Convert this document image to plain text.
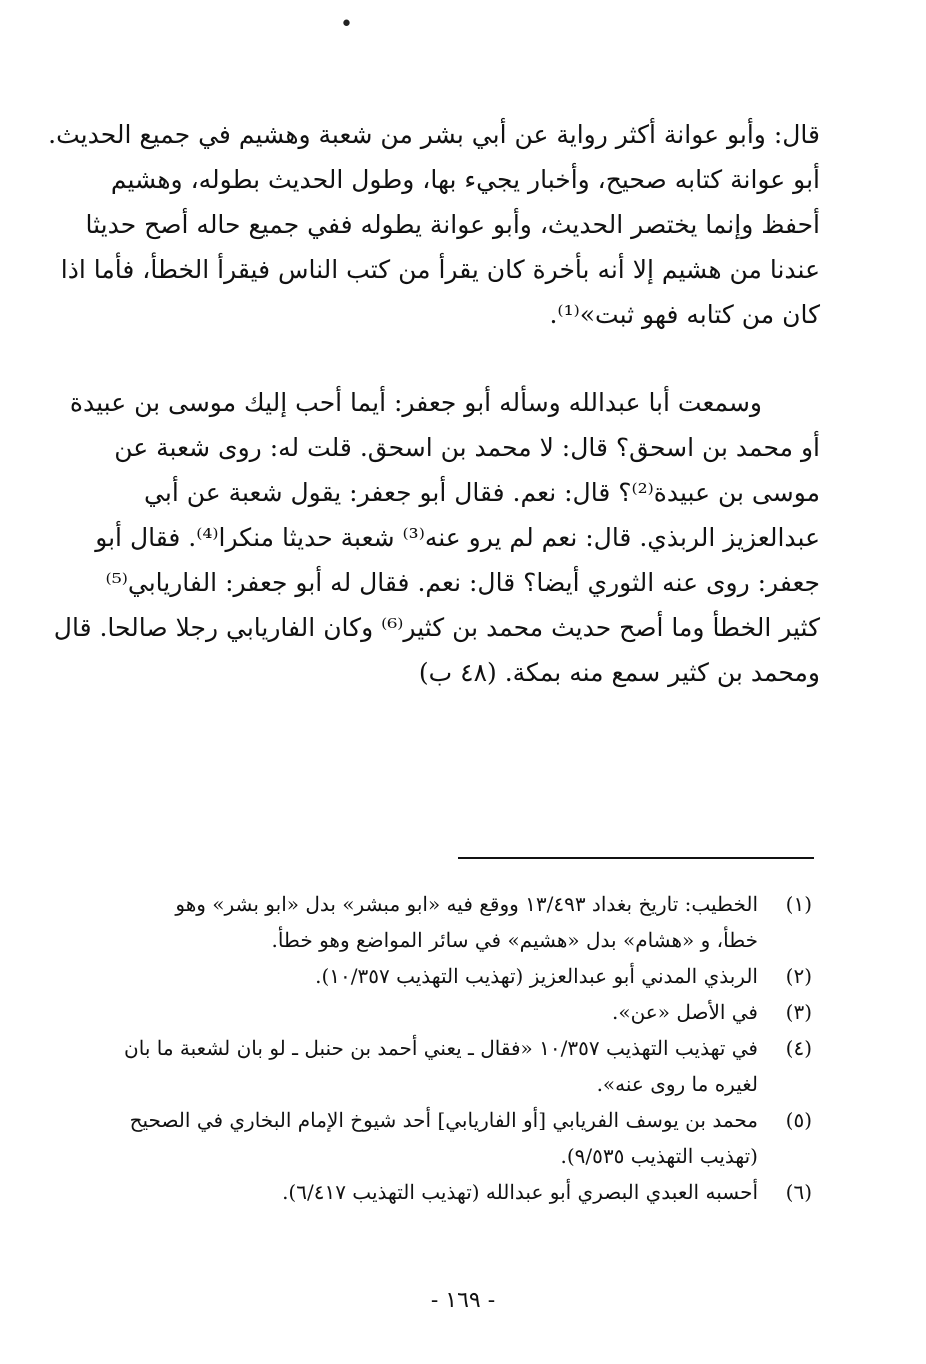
•
قال: وأبو عوانة أكثر رواية عن أبي بشر من شعبة وهشيم في جميع الحديث.
أبو عوانة كتابه صحيح، وأخبار يجيء بها، وطول الحديث بطوله، وهشيم
أحفظ وإنما يختصر الحديث، وأبو عوانة يطوله ففي جميع حاله أصح حديثا
عندنا من هشيم إلا أنه بأخرة كان يقرأ من كتب الناس فيقرأ الخطأ، فأما اذا
كان من كتابه فهو ثبت»⁽¹⁾.
وسمعت أبا عبدالله وسأله أبو جعفر: أيما أحب إليك موسى بن عبيدة
أو محمد بن اسحق؟ قال: لا محمد بن اسحق. قلت له: روى شعبة عن
موسى بن عبيدة⁽²⁾؟ قال: نعم. فقال أبو جعفر: يقول شعبة عن أبي
عبدالعزيز الربذي. قال: نعم لم يرو عنه⁽³⁾ شعبة حديثا منكرا⁽⁴⁾. فقال أبو
جعفر: روى عنه الثوري أيضا؟ قال: نعم. فقال له أبو جعفر: الفاريابي⁽⁵⁾
كثير الخطأ وما أصح حديث محمد بن كثير⁽⁶⁾ وكان الفاريابي رجلا صالحا. قال
ومحمد بن كثير سمع منه بمكة. (٤٨ ب)
(١)
الخطيب: تاريخ بغداد ١٣/٤٩٣ ووقع فيه «ابو مبشر» بدل «ابو بشر» وهو
خطأ، و «هشام» بدل «هشيم» في سائر المواضع وهو خطأ.
(٢)
الربذي المدني أبو عبدالعزيز (تهذيب التهذيب ١٠/٣٥٧).
(٣)
في الأصل «عن».
(٤)
في تهذيب التهذيب ١٠/٣٥٧ «فقال ـ يعني أحمد بن حنبل ـ لو بان لشعبة ما بان
لغيره ما روى عنه».
(٥)
محمد بن يوسف الفريابي [أو الفاريابي] أحد شيوخ الإمام البخاري في الصحيح
(تهذيب التهذيب ٩/٥٣٥).
(٦)
أحسبه العبدي البصري أبو عبدالله (تهذيب التهذيب ٦/٤١٧).
- ١٦٩ -
